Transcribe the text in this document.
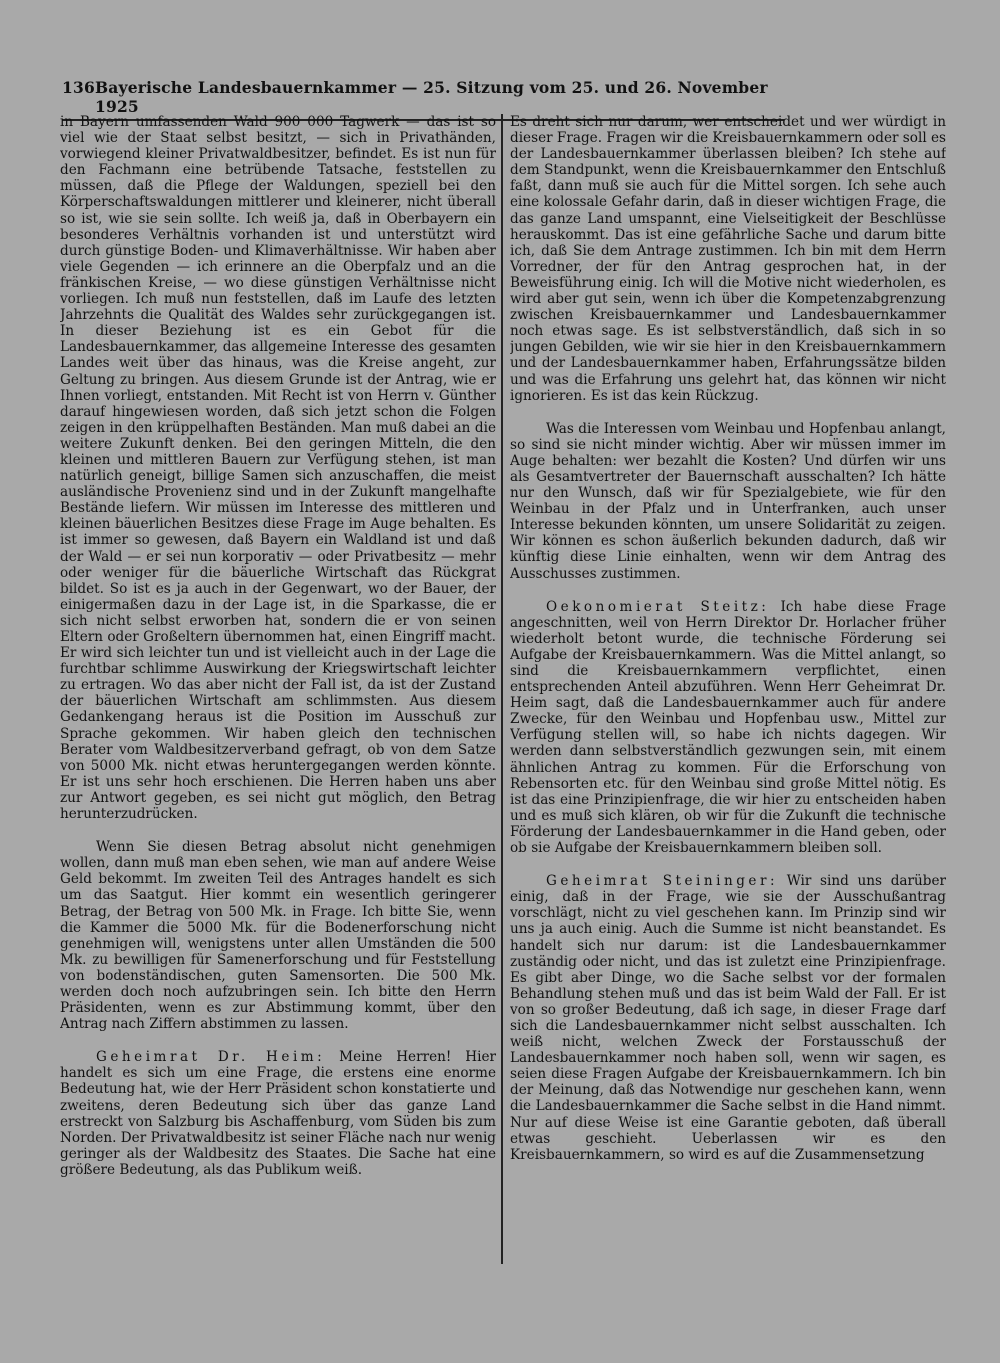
136 Bayerische Landesbauernkammer — 25. Sitzung vom 25. und 26. November 1925

in Bayern umfassenden Wald 900 000 Tagwerk — das ist so viel wie der Staat selbst besitzt, — sich in Privathänden, vorwiegend kleiner Privatwaldbesitzer, befindet. Es ist nun für den Fachmann eine betrübende Tatsache, feststellen zu müssen, daß die Pflege der Waldungen, speziell bei den Körperschaftswaldungen mittlerer und kleinerer, nicht überall so ist, wie sie sein sollte. Ich weiß ja, daß in Oberbayern ein besonderes Verhältnis vorhanden ist und unterstützt wird durch günstige Boden- und Klimaverhältnisse. Wir haben aber viele Gegenden — ich erinnere an die Oberpfalz und an die fränkischen Kreise, — wo diese günstigen Verhältnisse nicht vorliegen. Ich muß nun feststellen, daß im Laufe des letzten Jahrzehnts die Qualität des Waldes sehr zurückgegangen ist. In dieser Beziehung ist es ein Gebot für die Landesbauernkammer, das allgemeine Interesse des gesamten Landes weit über das hinaus, was die Kreise angeht, zur Geltung zu bringen. Aus diesem Grunde ist der Antrag, wie er Ihnen vorliegt, entstanden. Mit Recht ist von Herrn v. Günther darauf hingewiesen worden, daß sich jetzt schon die Folgen zeigen in den krüppelhaften Beständen. Man muß dabei an die weitere Zukunft denken. Bei den geringen Mitteln, die den kleinen und mittleren Bauern zur Verfügung stehen, ist man natürlich geneigt, billige Samen sich anzuschaffen, die meist ausländische Provenienz sind und in der Zukunft mangelhafte Bestände liefern. Wir müssen im Interesse des mittleren und kleinen bäuerlichen Besitzes diese Frage im Auge behalten. Es ist immer so gewesen, daß Bayern ein Waldland ist und daß der Wald — er sei nun korporativ — oder Privatbesitz — mehr oder weniger für die bäuerliche Wirtschaft das Rückgrat bildet. So ist es ja auch in der Gegenwart, wo der Bauer, der einigermaßen dazu in der Lage ist, in die Sparkasse, die er sich nicht selbst erworben hat, sondern die er von seinen Eltern oder Großeltern übernommen hat, einen Eingriff macht. Er wird sich leichter tun und ist vielleicht auch in der Lage die furchtbar schlimme Auswirkung der Kriegswirtschaft leichter zu ertragen. Wo das aber nicht der Fall ist, da ist der Zustand der bäuerlichen Wirtschaft am schlimmsten. Aus diesem Gedankengang heraus ist die Position im Ausschuß zur Sprache gekommen. Wir haben gleich den technischen Berater vom Waldbesitzerverband gefragt, ob von dem Satze von 5000 Mk. nicht etwas heruntergegangen werden könnte. Er ist uns sehr hoch erschienen. Die Herren haben uns aber zur Antwort gegeben, es sei nicht gut möglich, den Betrag herunterzudrücken.

Wenn Sie diesen Betrag absolut nicht genehmigen wollen, dann muß man eben sehen, wie man auf andere Weise Geld bekommt. Im zweiten Teil des Antrages handelt es sich um das Saatgut. Hier kommt ein wesentlich geringerer Betrag, der Betrag von 500 Mk. in Frage. Ich bitte Sie, wenn die Kammer die 5000 Mk. für die Bodenerforschung nicht genehmigen will, wenigstens unter allen Umständen die 500 Mk. zu bewilligen für Samenerforschung und für Feststellung von bodenständischen, guten Samensorten. Die 500 Mk. werden doch noch aufzubringen sein. Ich bitte den Herrn Präsidenten, wenn es zur Abstimmung kommt, über den Antrag nach Ziffern abstimmen zu lassen.

Geheimrat Dr. Heim: Meine Herren! Hier handelt es sich um eine Frage, die erstens eine enorme Bedeutung hat, wie der Herr Präsident schon konstatierte und zweitens, deren Bedeutung sich über das ganze Land erstreckt von Salzburg bis Aschaffenburg, vom Süden bis zum Norden. Der Privatwaldbesitz ist seiner Fläche nach nur wenig geringer als der Waldbesitz des Staates. Die Sache hat eine größere Bedeutung, als das Publikum weiß.

Es dreht sich nur darum, wer entscheidet und wer würdigt in dieser Frage. Fragen wir die Kreisbauernkammern oder soll es der Landesbauernkammer überlassen bleiben? Ich stehe auf dem Standpunkt, wenn die Kreisbauernkammer den Entschluß faßt, dann muß sie auch für die Mittel sorgen. Ich sehe auch eine kolossale Gefahr darin, daß in dieser wichtigen Frage, die das ganze Land umspannt, eine Vielseitigkeit der Beschlüsse herauskommt. Das ist eine gefährliche Sache und darum bitte ich, daß Sie dem Antrage zustimmen. Ich bin mit dem Herrn Vorredner, der für den Antrag gesprochen hat, in der Beweisführung einig. Ich will die Motive nicht wiederholen, es wird aber gut sein, wenn ich über die Kompetenzabgrenzung zwischen Kreisbauernkammer und Landesbauernkammer noch etwas sage. Es ist selbstverständlich, daß sich in so jungen Gebilden, wie wir sie hier in den Kreisbauernkammern und der Landesbauernkammer haben, Erfahrungssätze bilden und was die Erfahrung uns gelehrt hat, das können wir nicht ignorieren. Es ist das kein Rückzug.

Was die Interessen vom Weinbau und Hopfenbau anlangt, so sind sie nicht minder wichtig. Aber wir müssen immer im Auge behalten: wer bezahlt die Kosten? Und dürfen wir uns als Gesamtvertreter der Bauernschaft ausschalten? Ich hätte nur den Wunsch, daß wir für Spezialgebiete, wie für den Weinbau in der Pfalz und in Unterfranken, auch unser Interesse bekunden könnten, um unsere Solidarität zu zeigen. Wir können es schon äußerlich bekunden dadurch, daß wir künftig diese Linie einhalten, wenn wir dem Antrag des Ausschusses zustimmen.

Oekonomierat Steitz: Ich habe diese Frage angeschnitten, weil von Herrn Direktor Dr. Horlacher früher wiederholt betont wurde, die technische Förderung sei Aufgabe der Kreisbauernkammern. Was die Mittel anlangt, so sind die Kreisbauernkammern verpflichtet, einen entsprechenden Anteil abzuführen. Wenn Herr Geheimrat Dr. Heim sagt, daß die Landesbauernkammer auch für andere Zwecke, für den Weinbau und Hopfenbau usw., Mittel zur Verfügung stellen will, so habe ich nichts dagegen. Wir werden dann selbstverständlich gezwungen sein, mit einem ähnlichen Antrag zu kommen. Für die Erforschung von Rebensorten etc. für den Weinbau sind große Mittel nötig. Es ist das eine Prinzipienfrage, die wir hier zu entscheiden haben und es muß sich klären, ob wir für die Zukunft die technische Förderung der Landesbauernkammer in die Hand geben, oder ob sie Aufgabe der Kreisbauernkammern bleiben soll.

Geheimrat Steininger: Wir sind uns darüber einig, daß in der Frage, wie sie der Ausschußantrag vorschlägt, nicht zu viel geschehen kann. Im Prinzip sind wir uns ja auch einig. Auch die Summe ist nicht beanstandet. Es handelt sich nur darum: ist die Landesbauernkammer zuständig oder nicht, und das ist zuletzt eine Prinzipienfrage. Es gibt aber Dinge, wo die Sache selbst vor der formalen Behandlung stehen muß und das ist beim Wald der Fall. Er ist von so großer Bedeutung, daß ich sage, in dieser Frage darf sich die Landesbauernkammer nicht selbst ausschalten. Ich weiß nicht, welchen Zweck der Forstausschuß der Landesbauernkammer noch haben soll, wenn wir sagen, es seien diese Fragen Aufgabe der Kreisbauernkammern. Ich bin der Meinung, daß das Notwendige nur geschehen kann, wenn die Landesbauernkammer die Sache selbst in die Hand nimmt. Nur auf diese Weise ist eine Garantie geboten, daß überall etwas geschieht. Ueberlassen wir es den Kreisbauernkammern, so wird es auf die Zusammensetzung
